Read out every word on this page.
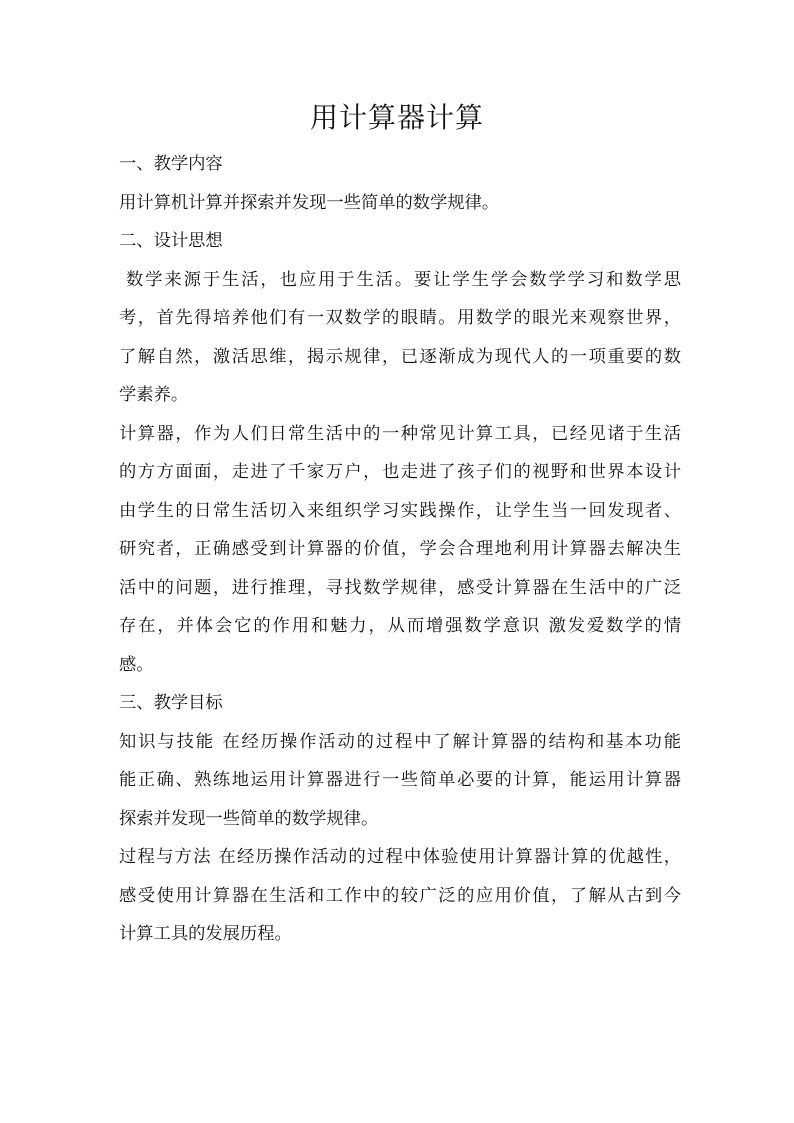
用计算器计算
一、教学内容
用计算机计算并探索并发现一些简单的数学规律。
二、设计思想
数学来源于生活，也应用于生活。要让学生学会数学学习和数学思
考，首先得培养他们有一双数学的眼睛。用数学的眼光来观察世界，
了解自然，激活思维，揭示规律，已逐渐成为现代人的一项重要的数
学素养。
计算器，作为人们日常生活中的一种常见计算工具，已经见诸于生活
的方方面面，走进了千家万户，也走进了孩子们的视野和世界本设计
由学生的日常生活切入来组织学习实践操作，让学生当一回发现者、
研究者，正确感受到计算器的价值，学会合理地利用计算器去解决生
活中的问题，进行推理，寻找数学规律，感受计算器在生活中的广泛
存在，并体会它的作用和魅力，从而增强数学意识 激发爱数学的情
感。
三、教学目标
知识与技能 在经历操作活动的过程中了解计算器的结构和基本功能
能正确、熟练地运用计算器进行一些简单必要的计算，能运用计算器
探索并发现一些简单的数学规律。
过程与方法 在经历操作活动的过程中体验使用计算器计算的优越性，
感受使用计算器在生活和工作中的较广泛的应用价值，了解从古到今
计算工具的发展历程。
